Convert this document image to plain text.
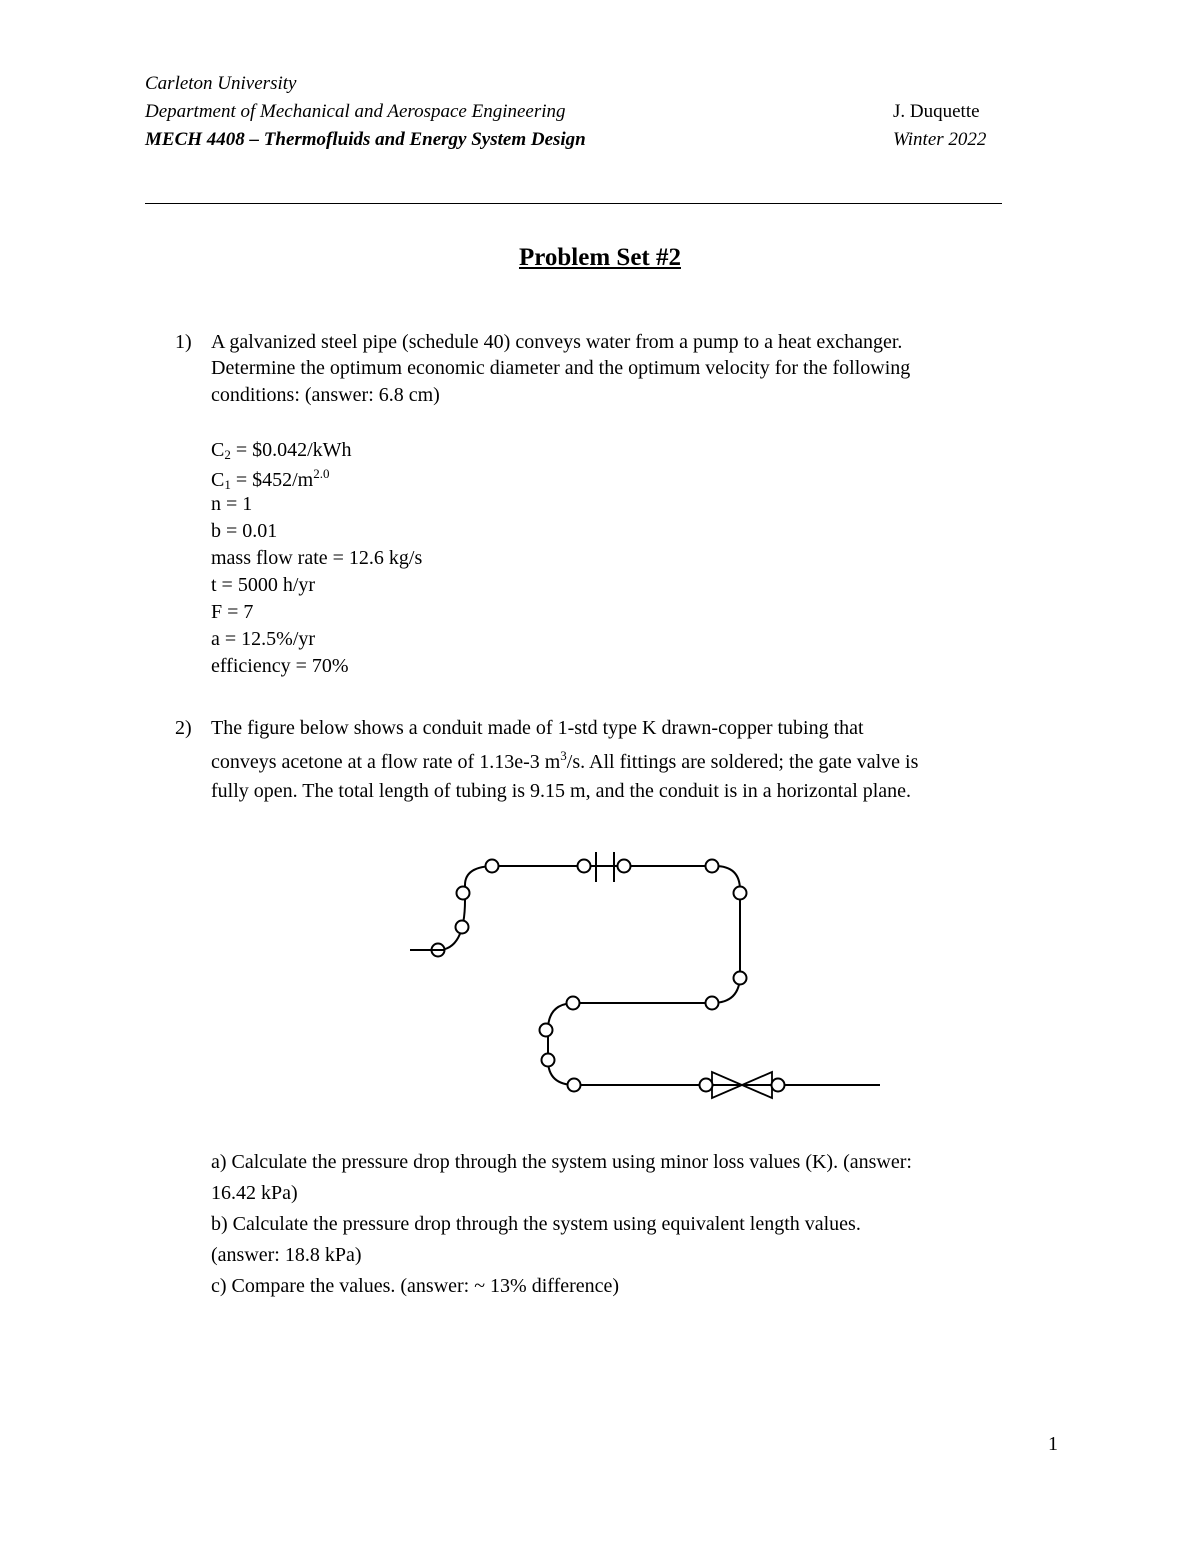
Carleton University
Department of Mechanical and Aerospace Engineering
MECH 4408 – Thermofluids and Energy System Design
J. Duquette
Winter 2022
Problem Set #2
1) A galvanized steel pipe (schedule 40) conveys water from a pump to a heat exchanger.
Determine the optimum economic diameter and the optimum velocity for the following
conditions: (answer: 6.8 cm)
$C_2$ = $0.042/kWh
$C_1$ = $\$452/m^{2.0}$
n = 1
b = 0.01
mass flow rate = 12.6 kg/s
t = 5000 h/yr
F = 7
a = 12.5%/yr
efficiency = 70%
2) The figure below shows a conduit made of 1-std type K drawn-copper tubing that
conveys acetone at a flow rate of 1.13e-3 $m^3/s$. All fittings are soldered; the gate valve is
fully open. The total length of tubing is 9.15 m, and the conduit is in a horizontal plane.
a) Calculate the pressure drop through the system using minor loss values (K). (answer:
16.42 kPa)
b) Calculate the pressure drop through the system using equivalent length values.
(answer: 18.8 kPa)
c) Compare the values. (answer: ~ 13% difference)
1
